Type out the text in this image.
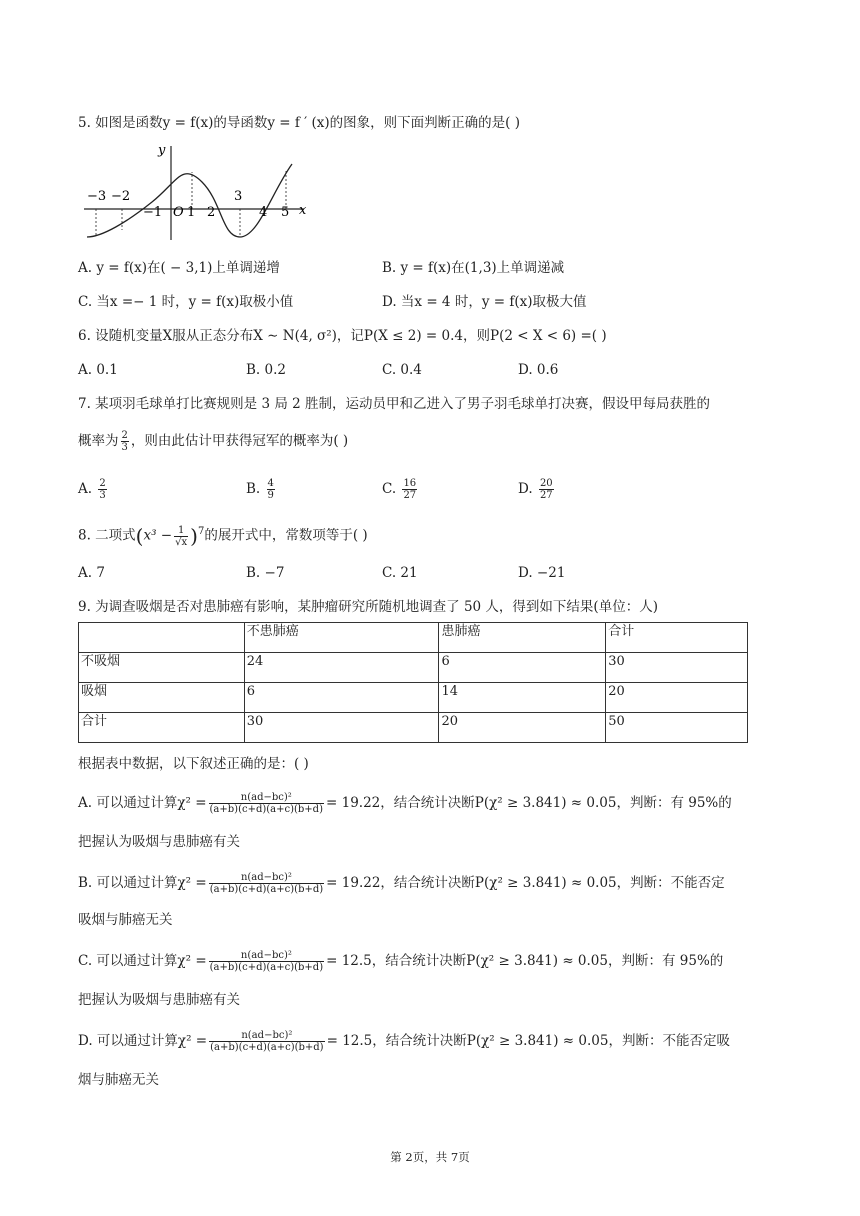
5. 如图是函数y = f(x)的导函数y = f ′ (x)的图象，则下面判断正确的是( )
y
x
−3 −2
−1 O 1 2
3
4 5
A. y = f(x)在( − 3,1)上单调递增	B. y = f(x)在(1,3)上单调递减
C. 当x =− 1 时，y = f(x)取极小值	D. 当x = 4 时，y = f(x)取极大值
6. 设随机变量X服从正态分布X ∼ N(4, σ²)，记P(X ≤ 2) = 0.4，则P(2 < X < 6) =( )
A. 0.1	B. 0.2	C. 0.4	D. 0.6
7. 某项羽毛球单打比赛规则是 3 局 2 胜制，运动员甲和乙进入了男子羽毛球单打决赛，假设甲每局获胜的
概率为 $\frac{2}{3}$ ，则由此估计甲获得冠军的概率为( )
A. $\frac{2}{3}$	B. $\frac{4}{9}$	C. $\frac{16}{27}$	D. $\frac{20}{27}$
8. 二项式$(x^3 - \frac{1}{√x} )^7$的展开式中，常数项等于( )
A. 7	B. −7	C. 21	D. −21
9. 为调查吸烟是否对患肺癌有影响，某肿瘤研究所随机地调查了 50 人，得到如下结果(单位：人)
	不患肺癌	患肺癌	合计
不吸烟	24	6	30
吸烟	6	14	20
合计	30	20	50
根据表中数据，以下叙述正确的是：( )
A. 可以通过计算$\chi^2 = \frac{\text{n(ad−bc)²}}{(a+b)(c+d)(a+c)(b+d)} = 19.22$，结合统计决断P(χ² ≥ 3.841) ≈ 0.05，判断：有 95%的
把握认为吸烟与患肺癌有关
B. 可以通过计算$\chi^2 = \frac{\text{n(ad−bc)²}}{(a+b)(c+d)(a+c)(b+d)} = 19.22$，结合统计决断P(χ² ≥ 3.841) ≈ 0.05，判断：不能否定
吸烟与肺癌无关
C. 可以通过计算$\chi^2 = \frac{\text{n(ad−bc)²}}{(a+b)(c+d)(a+c)(b+d)} = 12.5$，结合统计决断P(χ² ≥ 3.841) ≈ 0.05，判断：有 95%的
把握认为吸烟与患肺癌有关
D. 可以通过计算$\chi^2 = \frac{\text{n(ad−bc)²}}{(a+b)(c+d)(a+c)(b+d)} = 12.5$，结合统计决断P(χ² ≥ 3.841) ≈ 0.05，判断：不能否定吸
烟与肺癌无关
第 2页，共 7页
